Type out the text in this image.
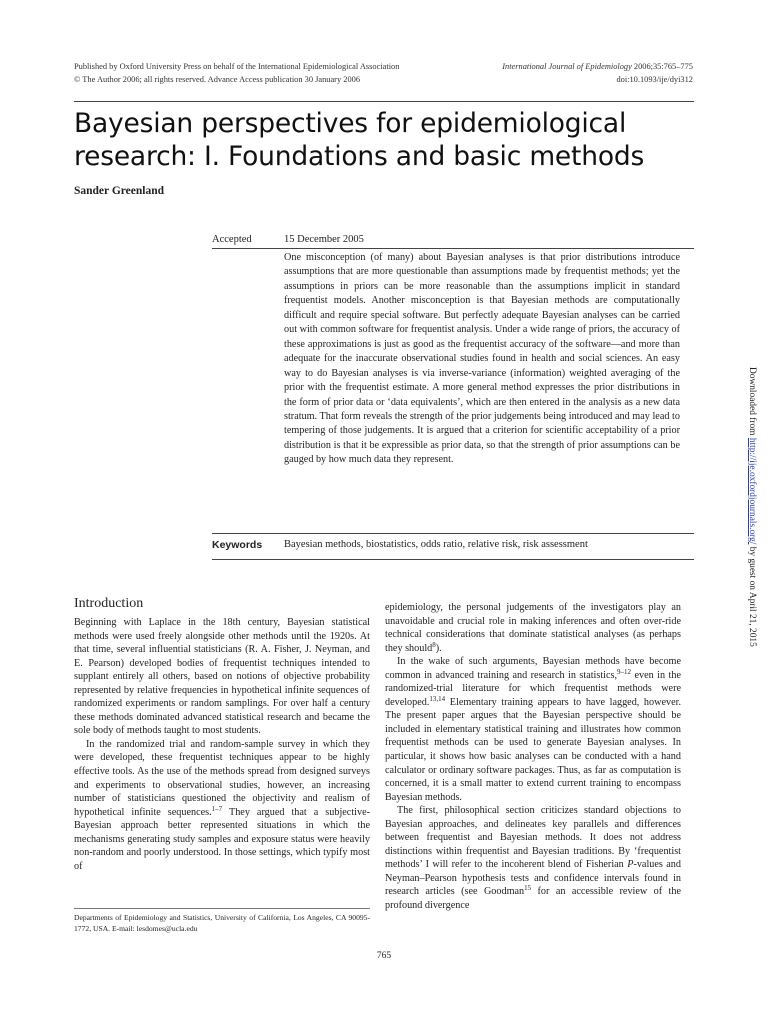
Published by Oxford University Press on behalf of the International Epidemiological Association
© The Author 2006; all rights reserved. Advance Access publication 30 January 2006
International Journal of Epidemiology 2006;35:765–775
doi:10.1093/ije/dyi312
Bayesian perspectives for epidemiological research: I. Foundations and basic methods
Sander Greenland
Accepted	15 December 2005

One misconception (of many) about Bayesian analyses is that prior distributions introduce assumptions that are more questionable than assumptions made by frequentist methods; yet the assumptions in priors can be more reasonable than the assumptions implicit in standard frequentist models. Another misconception is that Bayesian methods are computationally difficult and require special software. But perfectly adequate Bayesian analyses can be carried out with common software for frequentist analysis. Under a wide range of priors, the accuracy of these approximations is just as good as the frequentist accuracy of the software—and more than adequate for the inaccurate observational studies found in health and social sciences. An easy way to do Bayesian analyses is via inverse-variance (information) weighted averaging of the prior with the frequentist estimate. A more general method expresses the prior distributions in the form of prior data or ‘data equivalents’, which are then entered in the analysis as a new data stratum. That form reveals the strength of the prior judgements being introduced and may lead to tempering of those judgements. It is argued that a criterion for scientific acceptability of a prior distribution is that it be expressible as prior data, so that the strength of prior assumptions can be gauged by how much data they represent.

Keywords Bayesian methods, biostatistics, odds ratio, relative risk, risk assessment
Downloaded from http://ije.oxfordjournals.org/ by guest on April 21, 2015
Introduction

Beginning with Laplace in the 18th century, Bayesian statistical methods were used freely alongside other methods until the 1920s. At that time, several influential statisticians (R. A. Fisher, J. Neyman, and E. Pearson) developed bodies of frequentist techniques intended to supplant entirely all others, based on notions of objective probability represented by relative frequencies in hypothetical infinite sequences of randomized experiments or random samplings. For over half a century these methods dominated advanced statistical research and became the sole body of methods taught to most students.

In the randomized trial and random-sample survey in which they were developed, these frequentist techniques appear to be highly effective tools. As the use of the methods spread from designed surveys and experiments to observational studies, however, an increasing number of statisticians questioned the objectivity and realism of hypothetical infinite sequences.$^{1-7}$ They argued that a subjective-Bayesian approach better represented situations in which the mechanisms generating study samples and exposure status were heavily non-random and poorly understood. In those settings, which typify most of

epidemiology, the personal judgements of the investigators play an unavoidable and crucial role in making inferences and often over-ride technical considerations that dominate statistical analyses (as perhaps they should$^8$).

In the wake of such arguments, Bayesian methods have become common in advanced training and research in statistics,$^{9-12}$ even in the randomized-trial literature for which frequentist methods were developed.$^{13,14}$ Elementary training appears to have lagged, however. The present paper argues that the Bayesian perspective should be included in elementary statistical training and illustrates how common frequentist methods can be used to generate Bayesian analyses. In particular, it shows how basic analyses can be conducted with a hand calculator or ordinary software packages. Thus, as far as computation is concerned, it is a small matter to extend current training to encompass Bayesian methods.

The first, philosophical section criticizes standard objections to Bayesian approaches, and delineates key parallels and differences between frequentist and Bayesian methods. It does not address distinctions within frequentist and Bayesian traditions. By ‘frequentist methods’ I will refer to the incoherent blend of Fisherian P-values and Neyman–Pearson hypothesis tests and confidence intervals found in research articles (see Goodman$^{15}$ for an accessible review of the profound divergence

Departments of Epidemiology and Statistics, University of California, Los Angeles, CA 90095-1772, USA. E-mail: lesdomes@ucla.edu

765
